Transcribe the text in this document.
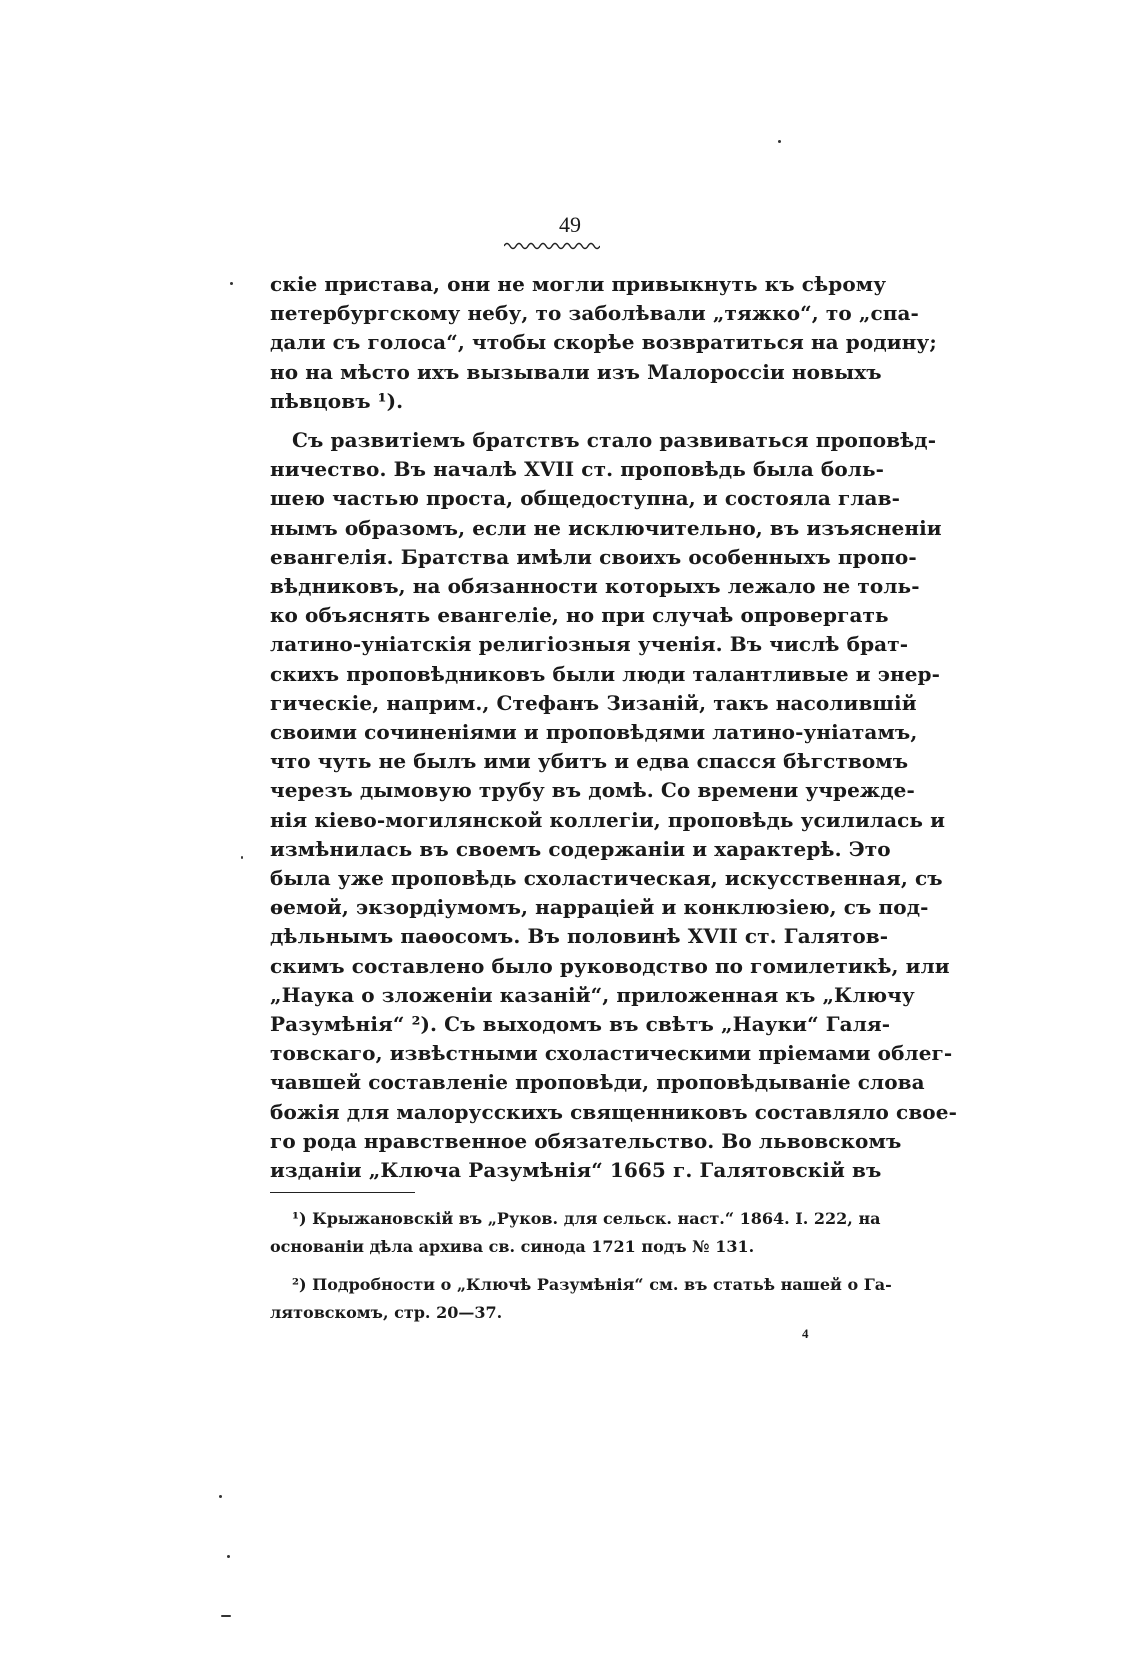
49
скіе пристава, они не могли привыкнуть къ сѣрому
петербургскому небу, то заболѣвали „тяжко“, то „спа-
дали съ голоса“, чтобы скорѣе возвратиться на родину;
но на мѣсто ихъ вызывали изъ Малороссіи новыхъ
пѣвцовъ ¹).
Съ развитіемъ братствъ стало развиваться проповѣд-
ничество. Въ началѣ XVII ст. проповѣдь была боль-
шею частью проста, общедоступна, и состояла глав-
нымъ образомъ, если не исключительно, въ изъясненіи
евангелія. Братства имѣли своихъ особенныхъ пропо-
вѣдниковъ, на обязанности которыхъ лежало не толь-
ко объяснять евангеліе, но при случаѣ опровергать
латино-уніатскія религіозныя ученія. Въ числѣ брат-
скихъ проповѣдниковъ были люди талантливые и энер-
гическіе, наприм., Стефанъ Зизаній, такъ насолившій
своими сочиненіями и проповѣдями латино-уніатамъ,
что чуть не былъ ими убитъ и едва спасся бѣгствомъ
черезъ дымовую трубу въ домѣ. Со времени учрежде-
нія кіево-могилянской коллегіи, проповѣдь усилилась и
измѣнилась въ своемъ содержаніи и характерѣ. Это
была уже проповѣдь схоластическая, искусственная, съ
ѳемой, экзордіумомъ, нарраціей и конклюзіею, съ под-
дѣльнымъ паѳосомъ. Въ половинѣ XVII ст. Галятов-
скимъ составлено было руководство по гомилетикѣ, или
„Наука о зложеніи казаній“, приложенная къ „Ключу
Разумѣнія“ ²). Съ выходомъ въ свѣтъ „Науки“ Галя-
товскаго, извѣстными схоластическими пріемами облег-
чавшей составленіе проповѣди, проповѣдываніе слова
божія для малорусскихъ священниковъ составляло свое-
го рода нравственное обязательство. Во львовскомъ
изданіи „Ключа Разумѣнія“ 1665 г. Галятовскій въ
¹) Крыжановскій въ „Руков. для сельск. наст.“ 1864. I. 222, на
основаніи дѣла архива св. синода 1721 подъ № 131.
²) Подробности о „Ключѣ Разумѣнія“ см. въ статьѣ нашей о Га-
лятовскомъ, стр. 20—37.
4
